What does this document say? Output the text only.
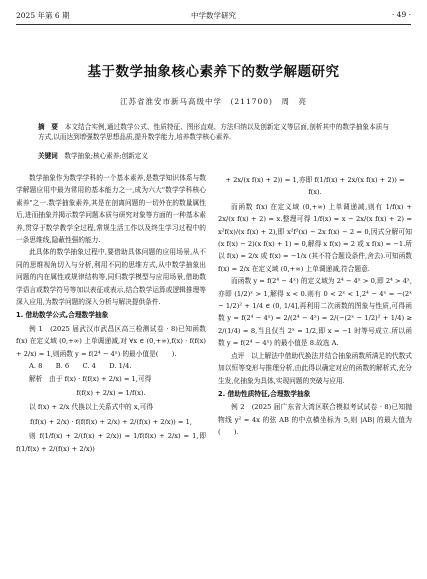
2025 年第 6 期	中学数学研究	· 49 ·
基于数学抽象核心素养下的数学解题研究
江苏省淮安市新马高级中学　(211700)　周　亮
摘　要　 本文结合实例,通过数学公式、性质特征、图形直观、方法归纳以及创新定义等层面,剖析其中的数学抽象本质与方式,以而达到增强数学思想品质,提升数学能力,培养数学核心素养.
关键词　 数学抽象;核心素养;创新定义

数学抽象作为数学学科的一个基本素养,是数学知识体系与数学解题应用中最为常用的基本能力之一,成为六大"数学学科核心素养"之一.数学抽象素养,其是在剖离问题的一切外在的数量属性后,进而抽象并揭示数学问题本质与研究对象等方面的一种基本素养,贯穿于数学教学全过程,常规生活工作以及终生学习过程中的一条思维线,隐蔽性强的能力.

此具体的数学抽象过程中,要借助具体问题的应用场景,从不同的思维视角切入与分析,利用不同的思维方式,从中数学抽象出问题的内在属性或规律结构等,同归数学模型与应用场景,借助数学语言或数学符号等加以表征或表示,结合数学运算或逻辑推理等深入应用,为数学问题的深入分析与解决提供条件.

1. 借助数学公式,合理数学抽象

例 1　(2025 届武汉市武昌区高三检测试卷 · 8)已知函数 f(x) 在定义域 (0,+∞) 上单调递减,对 ∀x ∈ (0,+∞),f(x) · f(f(x) + 2/x) = 1,则函数 y = f(2⁴ − 4ˣ) 的最小值是(　　).

A. 8　　B. 6　　C. 4　　D. 1/4.

解析　由于 f(x) · f(f(x) + 2/x) = 1,可得

f(f(x) + 2/x) = 1/f(x).

以 f(x) + 2/x 代换以上关系式中的 x,可得

f(f(x) + 2/x) · f(f(f(x) + 2/x) + 2/(f(x) + 2/x)) = 1,

则 f(1/f(x) + 2/(f(x) + 2/x)) = 1/f(f(x) + 2/x) = 1,即 f(1/f(x) + 2/(f(x) + 2/x))

+ 2x/(x f(x) + 2)) = 1,亦即 f(1/f(x) + 2x/(x f(x) + 2)) = f(x).

而函数 f(x) 在定义域 (0,+∞) 上单调递减,则有 1/f(x) + 2x/(x f(x) + 2) = x.整理可得 1/f(x) = x − 2x/(x f(x) + 2) = x²f(x)/(x f(x) + 2),即 x²f²(x) − 2x f(x) − 2 = 0,因式分解可知 (x f(x) − 2)(x f(x) + 1) = 0,解得 x f(x) = 2 或 x f(x) = −1.所以 f(x) = 2/x 或 f(x) = −1/x (其不符合题设条件,舍去).可知函数 f(x) = 2/x 在定义域 (0,+∞) 上单调递减,符合题意.

而函数 y = f(2⁴ − 4ˣ) 的定义域为 2⁴ − 4ˣ > 0,即 2⁴ > 4ˣ,亦即 (1/2)ˣ > 1,解得 x < 0.则有 0 < 2ˣ < 1,2⁴ − 4ˣ = −(2ˣ − 1/2)² + 1/4 ∈ (0, 1/4],再利用二次函数的图象与性质,可得函数 y = f(2⁴ − 4ˣ) = 2/(2⁴ − 4ˣ) = 2/(−(2ˣ − 1/2)² + 1/4) ≥ 2/(1/4) = 8,当且仅当 2ˣ = 1/2,即 x = −1 时等号成立.所以函数 y = f(2⁴ − 4ˣ) 的最小值是 8.故选 A.

点评　以上解法中借助代换法并结合抽象函数所满足的代数式加以恒等变形与推理分析,由此得以确定对应的函数的解析式,充分生发,化抽象为具体,实现问题的突破与应用.

2. 借助性质特征,合理数学抽象

例 2　(2025 届广东省大湾区联合模拟考试试卷 · 8)已知抛物线 y² = 4x 的弦 AB 的中点横坐标为 5,则 |AB| 的最大值为(　　).
